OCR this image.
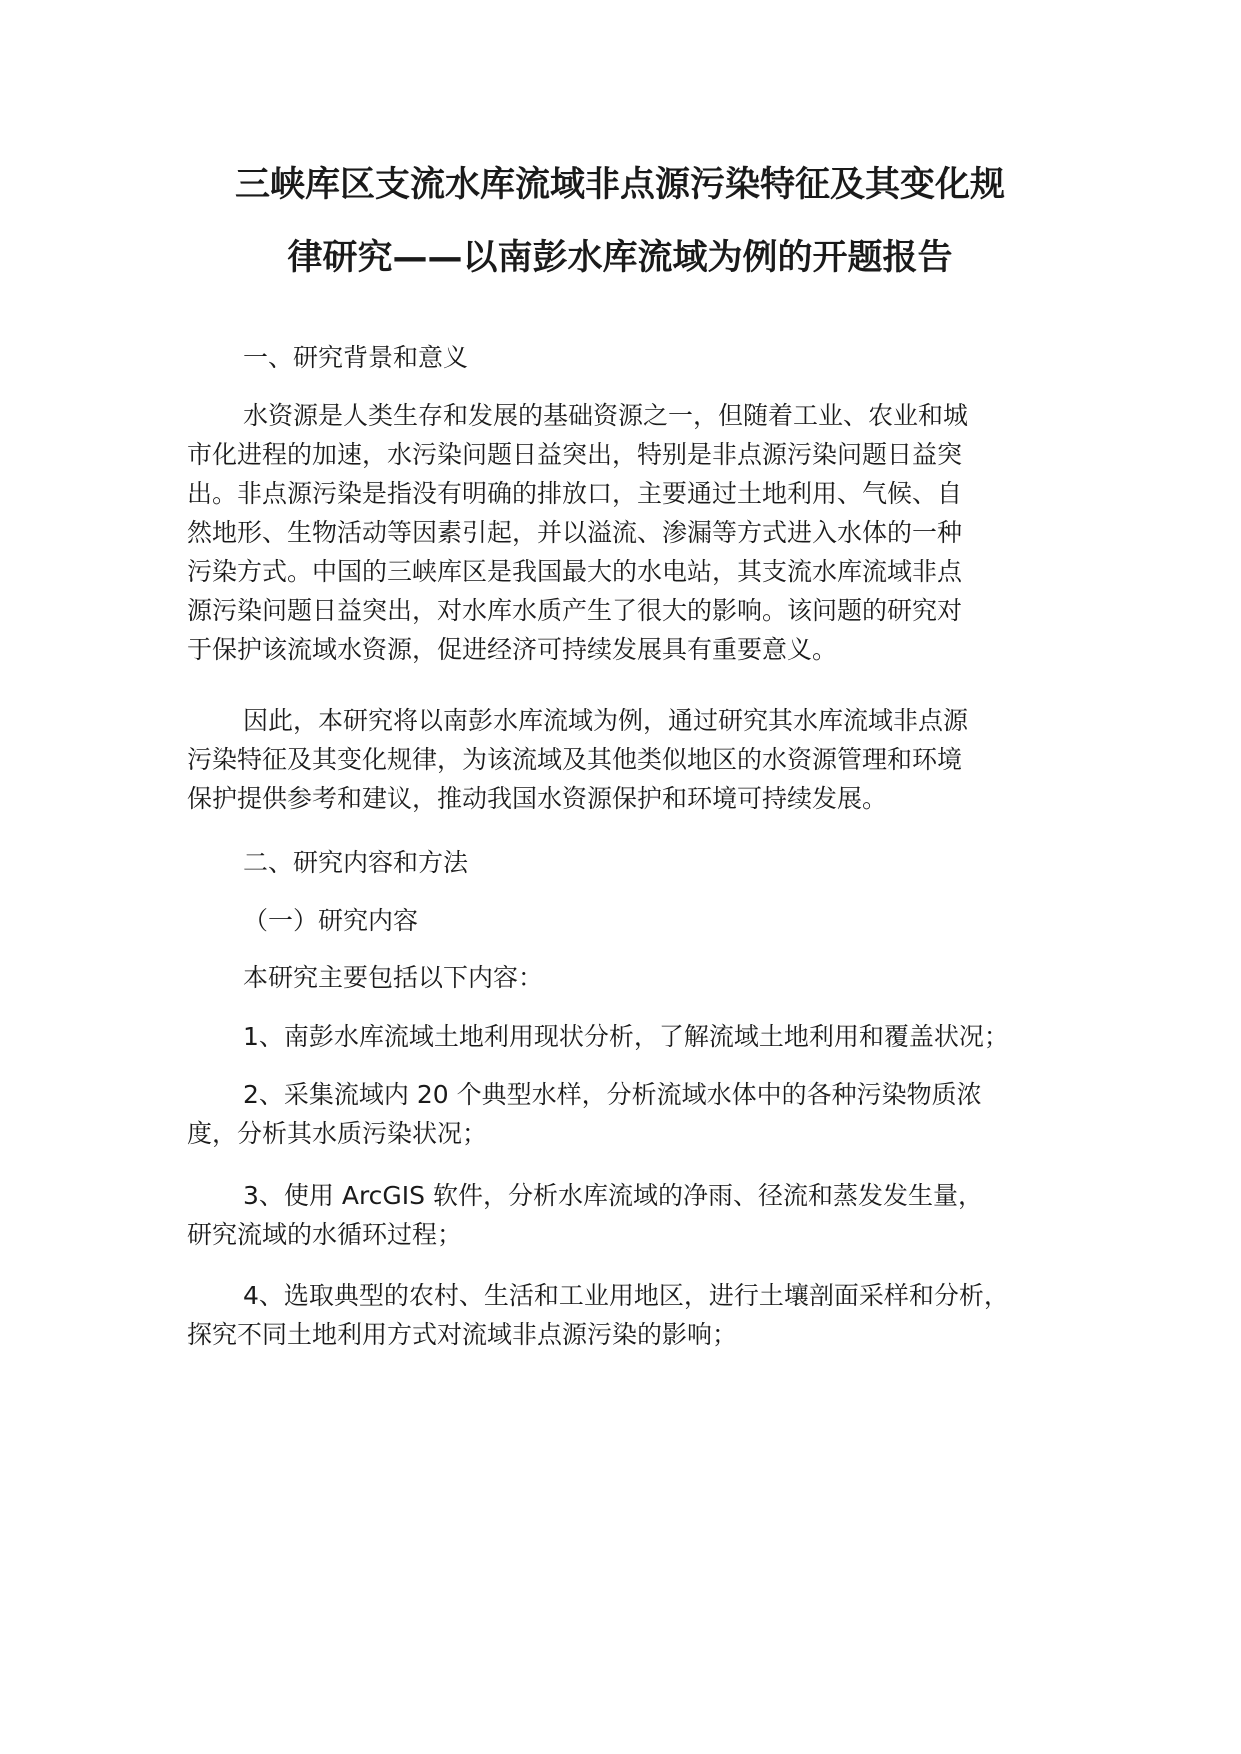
三峡库区支流水库流域非点源污染特征及其变化规
律研究——以南彭水库流域为例的开题报告
一、研究背景和意义
水资源是人类生存和发展的基础资源之一，但随着工业、农业和城
市化进程的加速，水污染问题日益突出，特别是非点源污染问题日益突
出。非点源污染是指没有明确的排放口，主要通过土地利用、气候、自
然地形、生物活动等因素引起，并以溢流、渗漏等方式进入水体的一种
污染方式。中国的三峡库区是我国最大的水电站，其支流水库流域非点
源污染问题日益突出，对水库水质产生了很大的影响。该问题的研究对
于保护该流域水资源，促进经济可持续发展具有重要意义。
因此，本研究将以南彭水库流域为例，通过研究其水库流域非点源
污染特征及其变化规律，为该流域及其他类似地区的水资源管理和环境
保护提供参考和建议，推动我国水资源保护和环境可持续发展。
二、研究内容和方法
（一）研究内容
本研究主要包括以下内容：
1、南彭水库流域土地利用现状分析，了解流域土地利用和覆盖状况；
2、采集流域内 20 个典型水样，分析流域水体中的各种污染物质浓
度，分析其水质污染状况；
3、使用 ArcGIS 软件，分析水库流域的净雨、径流和蒸发发生量，
研究流域的水循环过程；
4、选取典型的农村、生活和工业用地区，进行土壤剖面采样和分析，
探究不同土地利用方式对流域非点源污染的影响；
